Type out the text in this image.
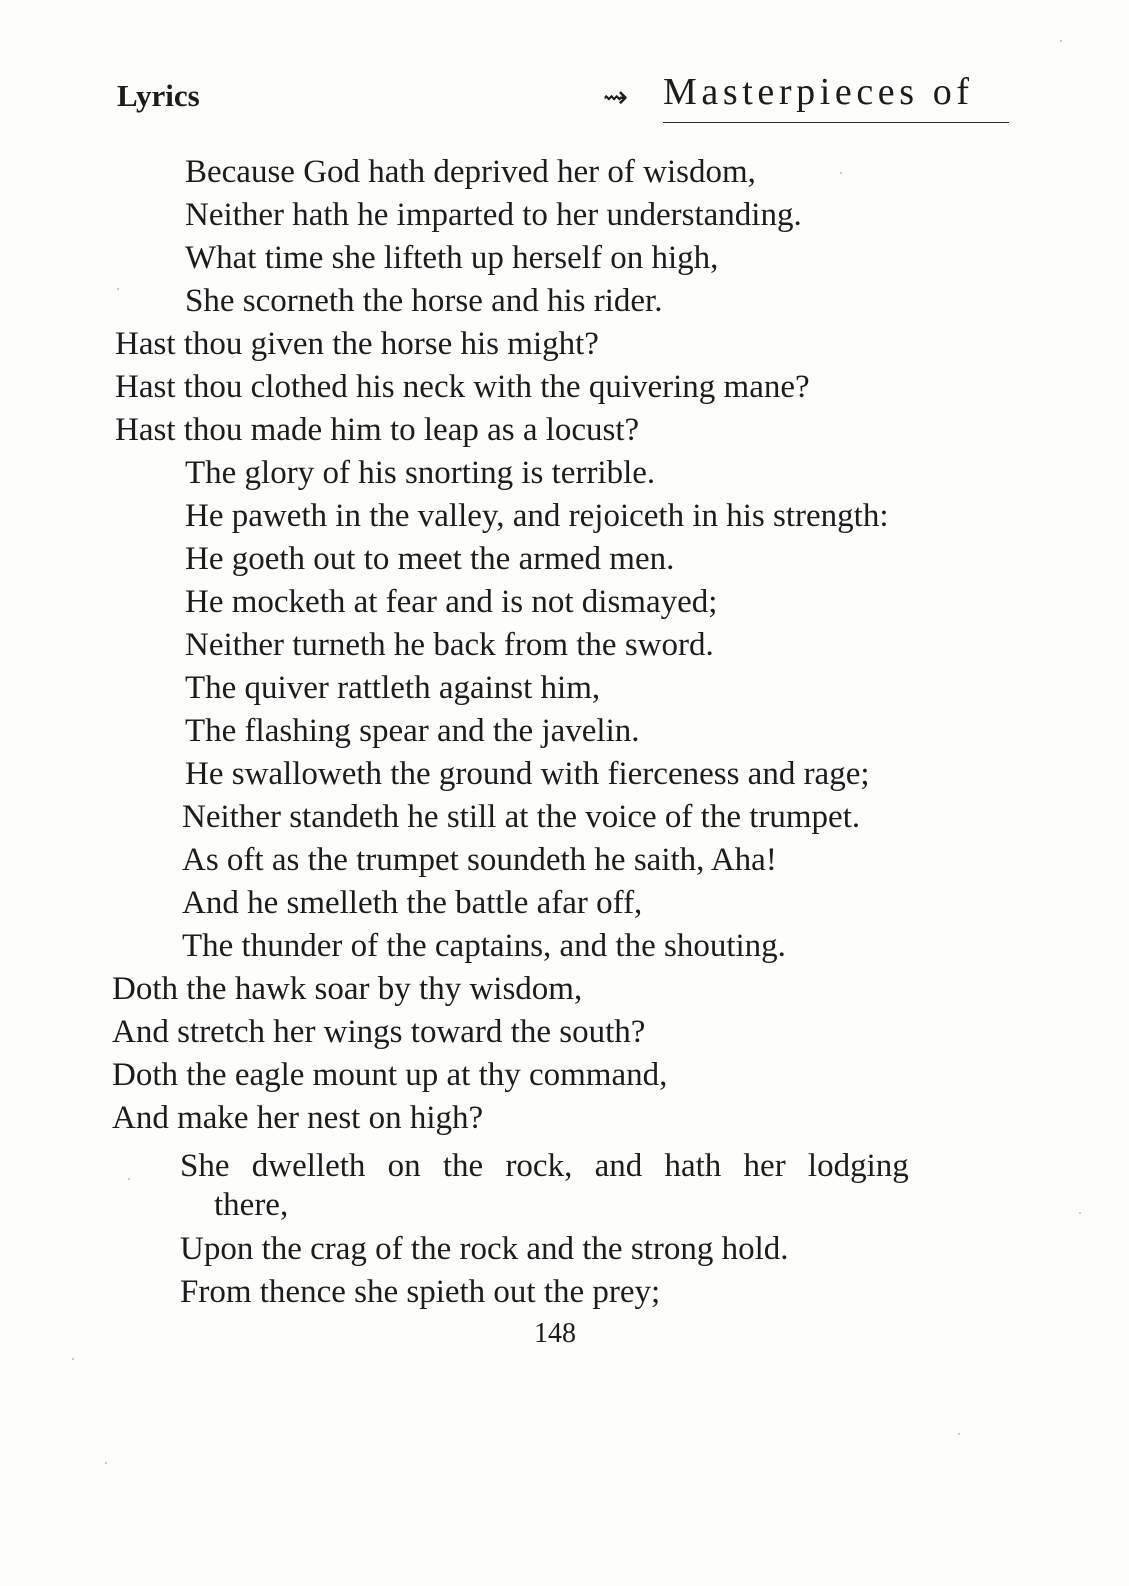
Lyrics	⇝ Masterpieces of
Because God hath deprived her of wisdom,
Neither hath he imparted to her understanding.
What time she lifteth up herself on high,
She scorneth the horse and his rider.
Hast thou given the horse his might?
Hast thou clothed his neck with the quivering mane?
Hast thou made him to leap as a locust?
The glory of his snorting is terrible.
He paweth in the valley, and rejoiceth in his strength:
He goeth out to meet the armed men.
He mocketh at fear and is not dismayed;
Neither turneth he back from the sword.
The quiver rattleth against him,
The flashing spear and the javelin.
He swalloweth the ground with fierceness and rage;
Neither standeth he still at the voice of the trumpet.
As oft as the trumpet soundeth he saith, Aha!
And he smelleth the battle afar off,
The thunder of the captains, and the shouting.
Doth the hawk soar by thy wisdom,
And stretch her wings toward the south?
Doth the eagle mount up at thy command,
And make her nest on high?
She dwelleth on the rock, and hath her lodging
there,
Upon the crag of the rock and the strong hold.
From thence she spieth out the prey;
148
